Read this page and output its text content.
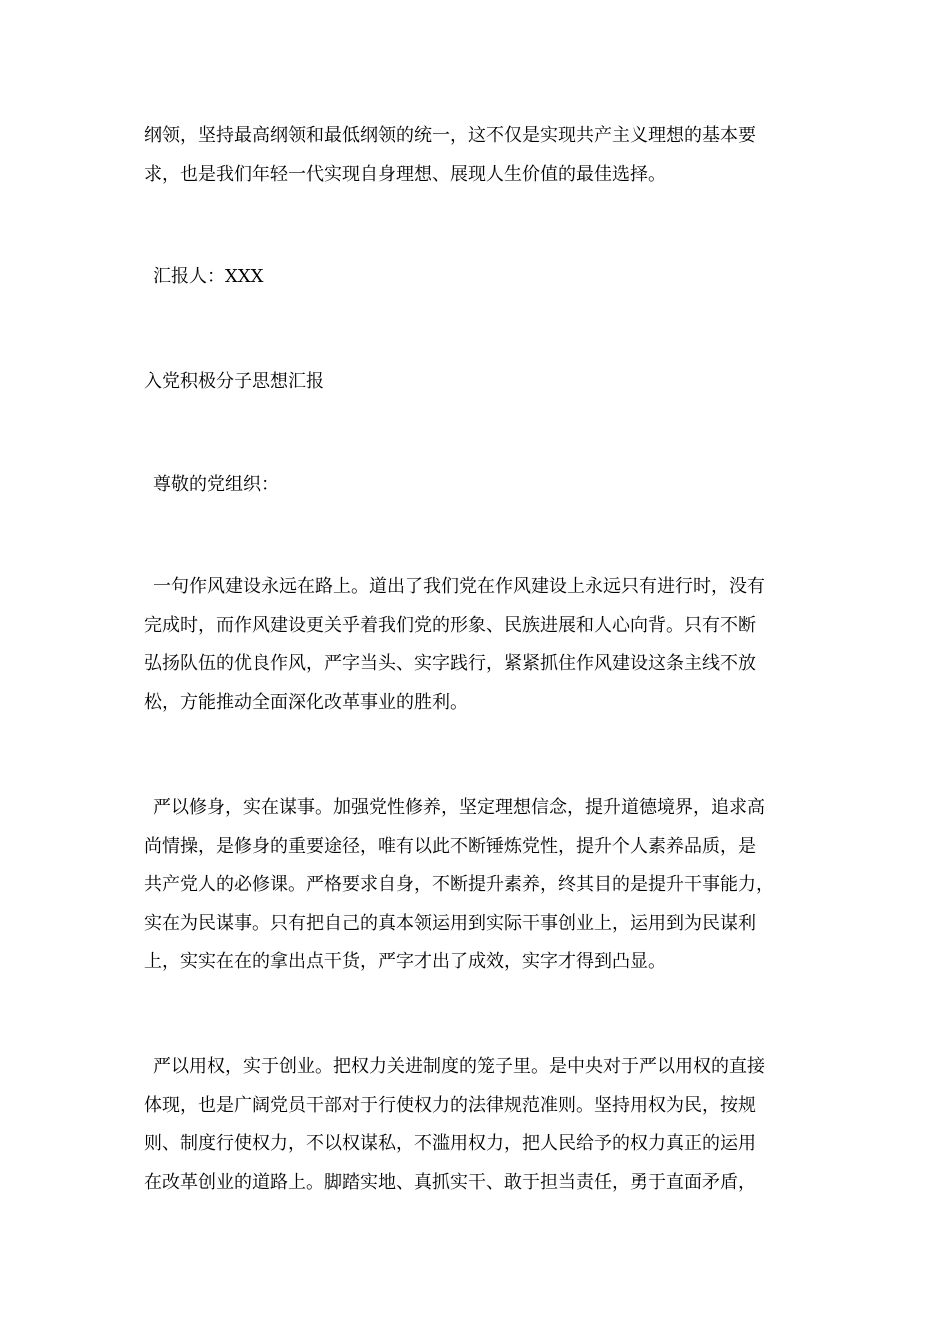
纲领，坚持最高纲领和最低纲领的统一，这不仅是实现共产主义理想的基本要
求，也是我们年轻一代实现自身理想、展现人生价值的最佳选择。
汇报人：XXX
入党积极分子思想汇报
尊敬的党组织：
一句作风建设永远在路上。道出了我们党在作风建设上永远只有进行时，没有
完成时，而作风建设更关乎着我们党的形象、民族进展和人心向背。只有不断
弘扬队伍的优良作风，严字当头、实字践行，紧紧抓住作风建设这条主线不放
松，方能推动全面深化改革事业的胜利。
严以修身，实在谋事。加强党性修养，坚定理想信念，提升道德境界，追求高
尚情操，是修身的重要途径，唯有以此不断锤炼党性，提升个人素养品质，是
共产党人的必修课。严格要求自身，不断提升素养，终其目的是提升干事能力，
实在为民谋事。只有把自己的真本领运用到实际干事创业上，运用到为民谋利
上，实实在在的拿出点干货，严字才出了成效，实字才得到凸显。
严以用权，实于创业。把权力关进制度的笼子里。是中央对于严以用权的直接
体现，也是广阔党员干部对于行使权力的法律规范准则。坚持用权为民，按规
则、制度行使权力，不以权谋私，不滥用权力，把人民给予的权力真正的运用
在改革创业的道路上。脚踏实地、真抓实干、敢于担当责任，勇于直面矛盾，
